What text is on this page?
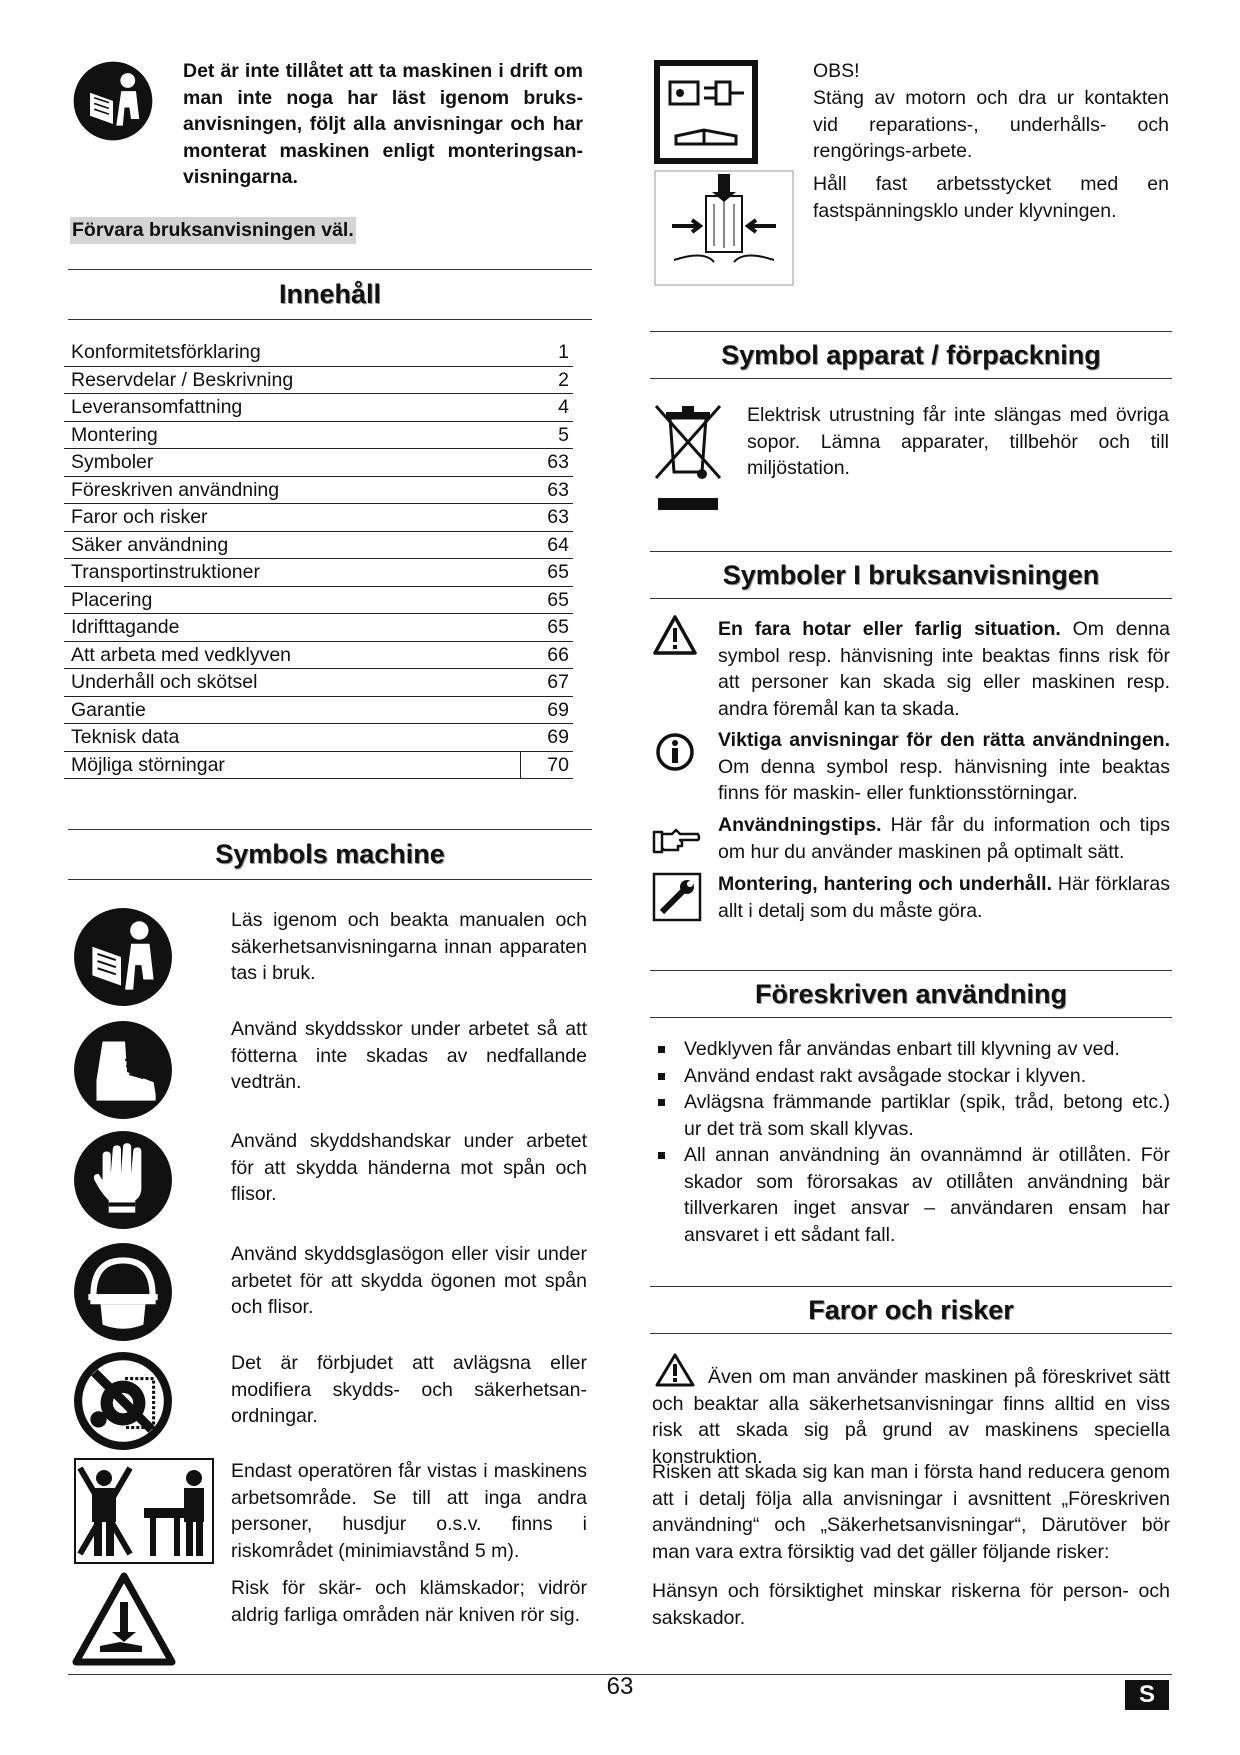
Det är inte tillåtet att ta maskinen i drift om man inte noga har läst igenom bruks-anvisningen, följt alla anvisningar och har monterat maskinen enligt monteringsan-visningarna.
Förvara bruksanvisningen väl.
Innehåll
Konformitetsförklaring	1
Reservdelar / Beskrivning	2
Leveransomfattning	4
Montering	5
Symboler	63
Föreskriven användning	63
Faror och risker	63
Säker användning	64
Transportinstruktioner	65
Placering	65
Idrifttagande	65
Att arbeta med vedklyven	66
Underhåll och skötsel	67
Garantie	69
Teknisk data	69
Möjliga störningar	70
Symbols machine
Läs igenom och beakta manualen och säkerhetsanvisningarna innan apparaten tas i bruk.
Använd skyddsskor under arbetet så att fötterna inte skadas av nedfallande vedträn.
Använd skyddshandskar under arbetet för att skydda händerna mot spån och flisor.
Använd skyddsglasögon eller visir under arbetet för att skydda ögonen mot spån och flisor.
Det är förbjudet att avlägsna eller modifiera skydds- och säkerhetsan-ordningar.
Endast operatören får vistas i maskinens arbetsområde. Se till att inga andra personer, husdjur o.s.v. finns i riskområdet (minimiavstånd 5 m).
Risk för skär- och klämskador; vidrör aldrig farliga områden när kniven rör sig.
OBS!
Stäng av motorn och dra ur kontakten vid reparations-, underhålls- och rengörings-arbete.
Håll fast arbetsstycket med en fastspänningsklo under klyvningen.
Symbol apparat / förpackning
Elektrisk utrustning får inte slängas med övriga sopor. Lämna apparater, tillbehör och till miljöstation.
Symboler I bruksanvisningen
En fara hotar eller farlig situation. Om denna symbol resp. hänvisning inte beaktas finns risk för att personer kan skada sig eller maskinen resp. andra föremål kan ta skada.
Viktiga anvisningar för den rätta användningen. Om denna symbol resp. hänvisning inte beaktas finns för maskin- eller funktionsstörningar.
Användningstips. Här får du information och tips om hur du använder maskinen på optimalt sätt.
Montering, hantering och underhåll. Här förklaras allt i detalj som du måste göra.
Föreskriven användning
Vedklyven får användas enbart till klyvning av ved.
Använd endast rakt avsågade stockar i klyven.
Avlägsna främmande partiklar (spik, tråd, betong etc.) ur det trä som skall klyvas.
All annan användning än ovannämnd är otillåten. För skador som förorsakas av otillåten användning bär tillverkaren inget ansvar – användaren ensam har ansvaret i ett sådant fall.
Faror och risker
Även om man använder maskinen på föreskrivet sätt och beaktar alla säkerhetsanvisningar finns alltid en viss risk att skada sig på grund av maskinens speciella konstruktion.
Risken att skada sig kan man i första hand reducera genom att i detalj följa alla anvisningar i avsnittent „Föreskriven användning“ och „Säkerhetsanvisningar“, Därutöver bör man vara extra försiktig vad det gäller följande risker:
Hänsyn och försiktighet minskar riskerna för person- och sakskador.
63	S
